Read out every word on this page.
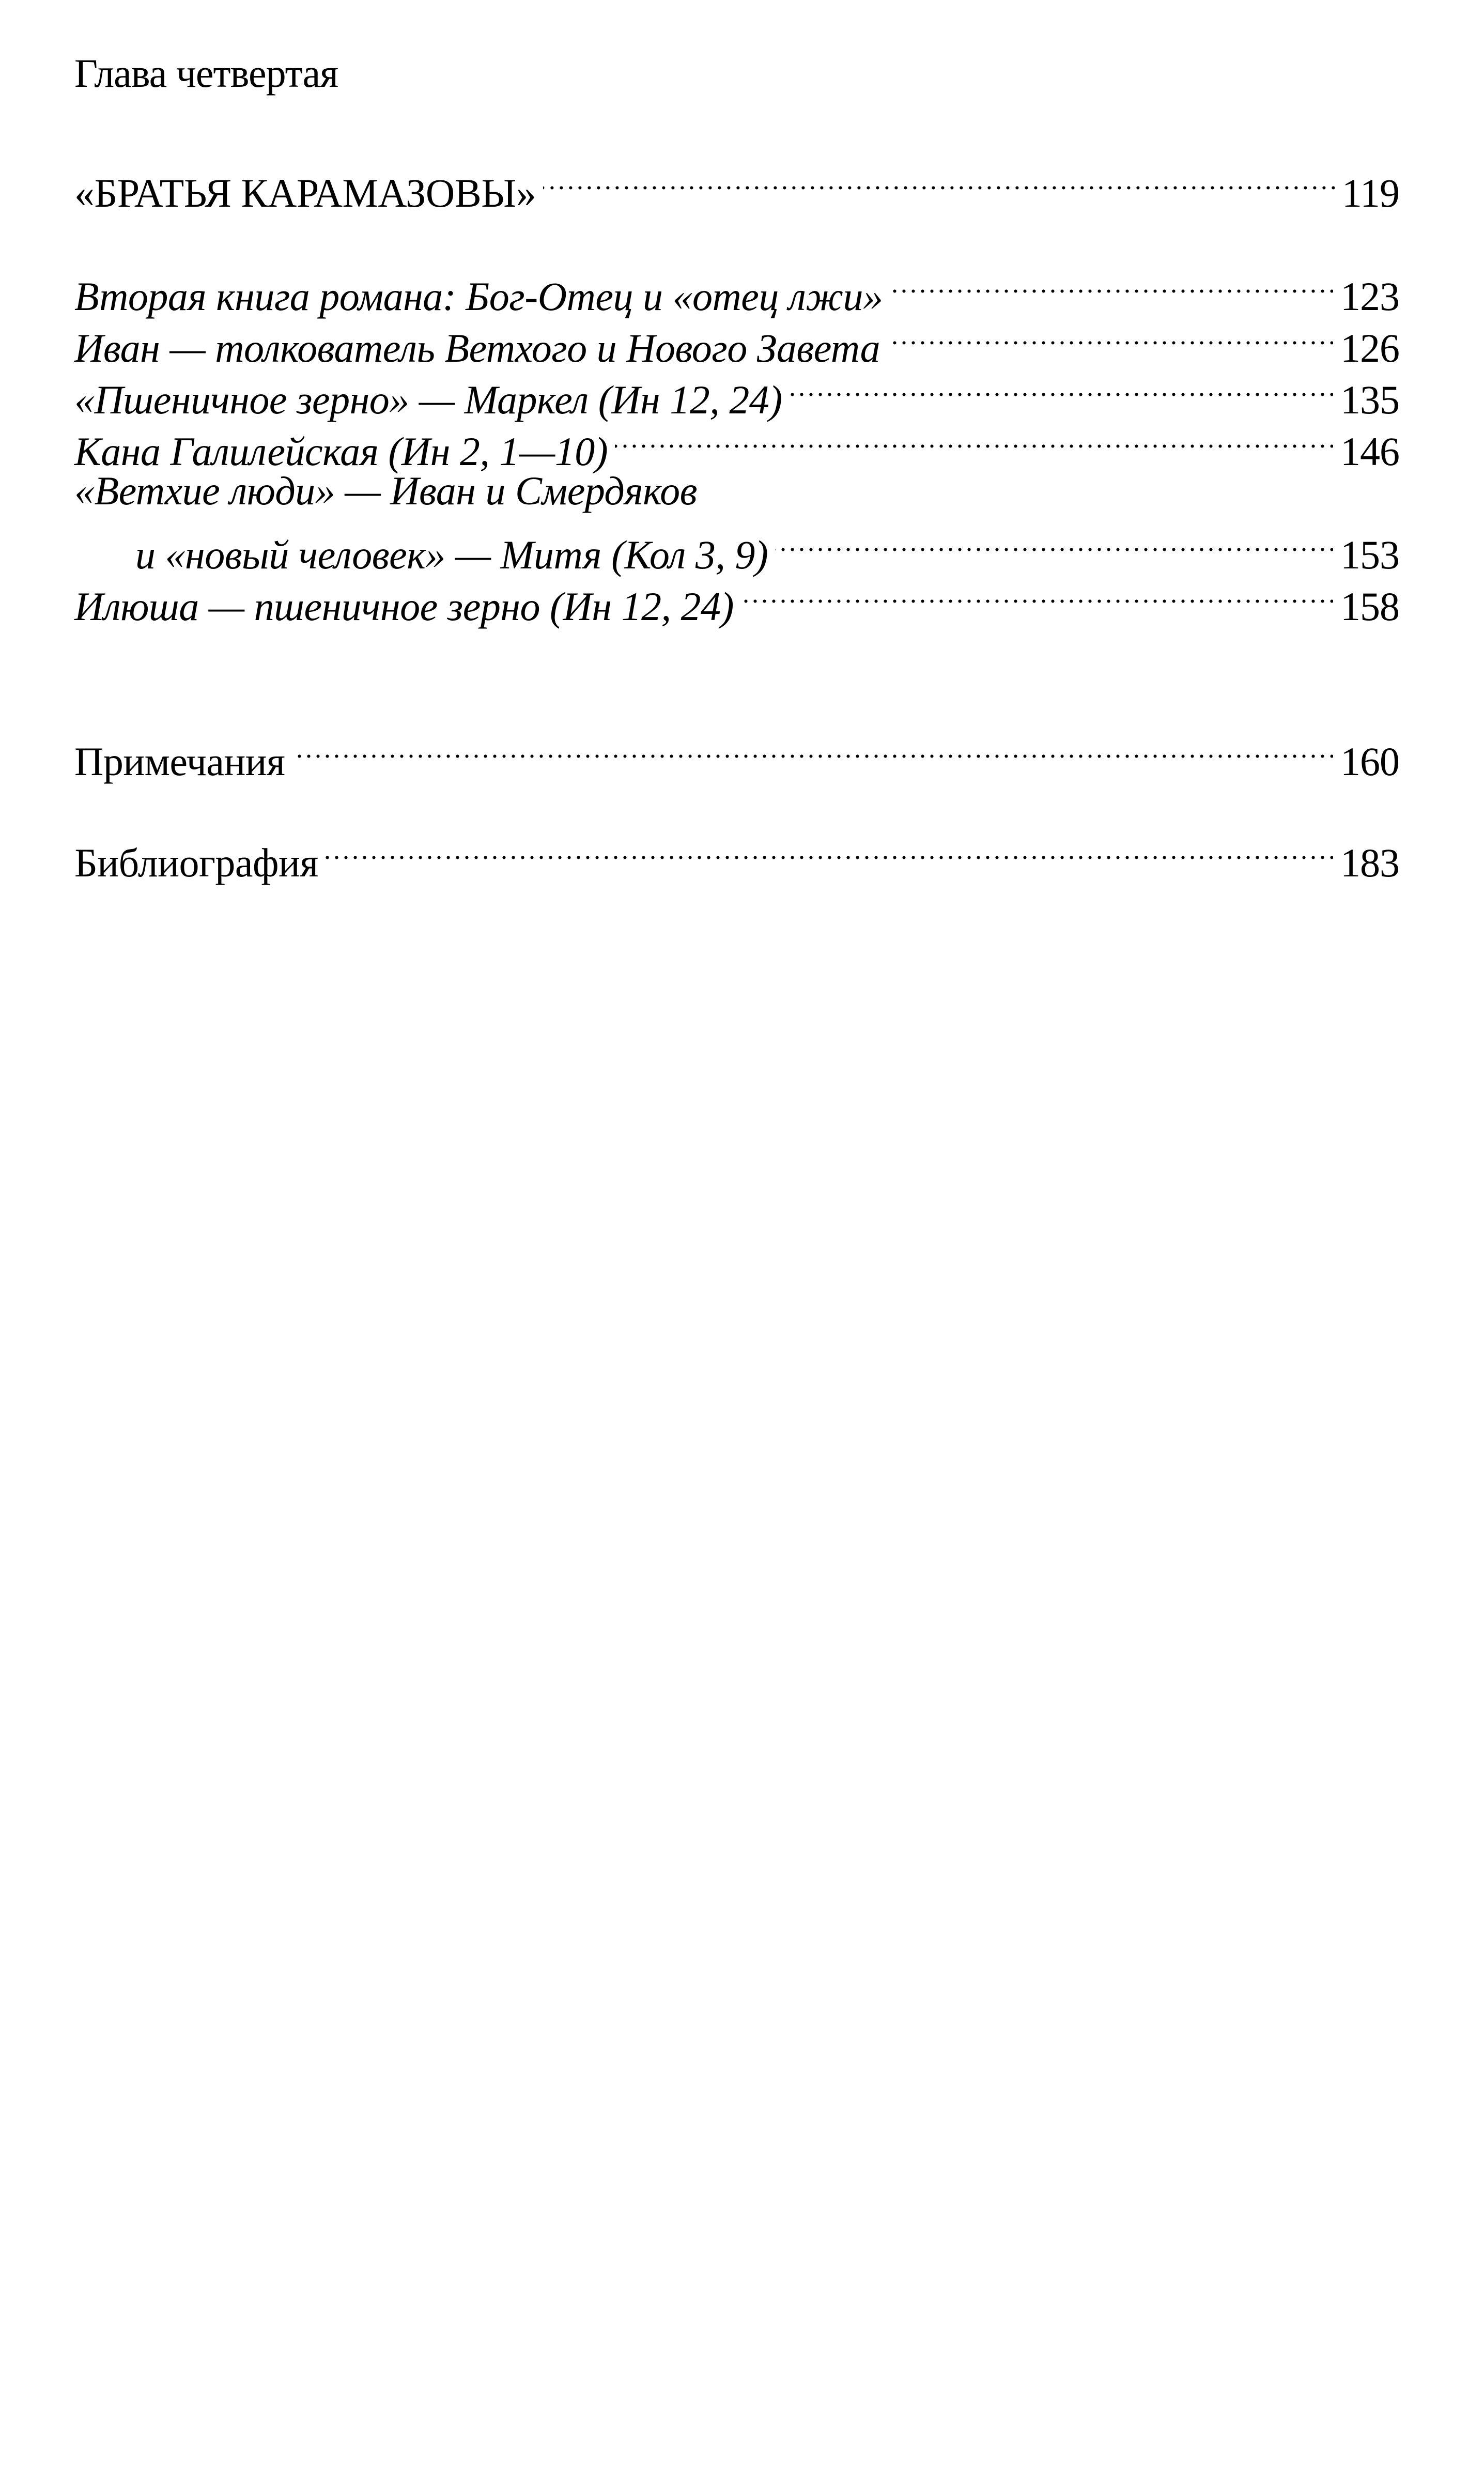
Глава четвертая
«БРАТЬЯ КАРАМАЗОВЫ» . . .	119
Вторая книга романа: Бог-Отец и «отец лжи» . . .	123
Иван — толкователь Ветхого и Нового Завета . . .	126
«Пшеничное зерно» — Маркел (Ин 12, 24) . . .	135
Кана Галилейская (Ин 2, 1—10) . . .	146
«Ветхие люди» — Иван и Смердяков
и «новый человек» — Митя (Кол 3, 9) . . .	153
Илюша — пшеничное зерно (Ин 12, 24) . . .	158
Примечания . . .	160
Библиография . . .	183
